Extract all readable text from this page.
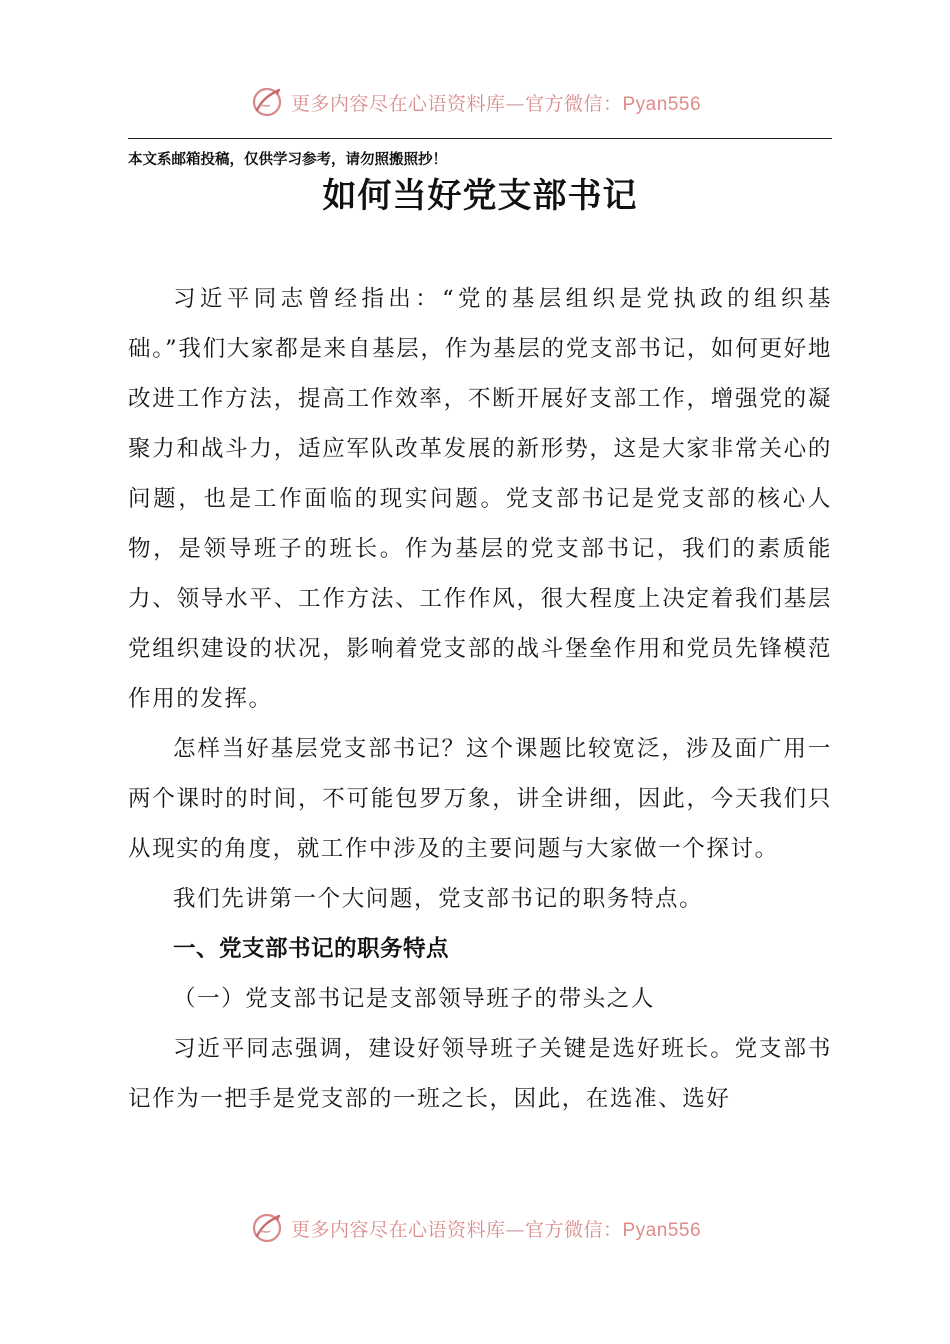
更多内容尽在心语资料库—官方微信：Pyan556
本文系邮箱投稿，仅供学习参考，请勿照搬照抄！
如何当好党支部书记

习近平同志曾经指出：“党的基层组织是党执政的组织基础。”我们大家都是来自基层，作为基层的党支部书记，如何更好地改进工作方法，提高工作效率，不断开展好支部工作，增强党的凝聚力和战斗力，适应军队改革发展的新形势，这是大家非常关心的问题，也是工作面临的现实问题。党支部书记是党支部的核心人物，是领导班子的班长。作为基层的党支部书记，我们的素质能力、领导水平、工作方法、工作作风，很大程度上决定着我们基层党组织建设的状况，影响着党支部的战斗堡垒作用和党员先锋模范作用的发挥。

怎样当好基层党支部书记？这个课题比较宽泛，涉及面广用一两个课时的时间，不可能包罗万象，讲全讲细，因此，今天我们只从现实的角度，就工作中涉及的主要问题与大家做一个探讨。

我们先讲第一个大问题，党支部书记的职务特点。

一、党支部书记的职务特点

（一）党支部书记是支部领导班子的带头之人

习近平同志强调，建设好领导班子关键是选好班长。党支部书记作为一把手是党支部的一班之长，因此，在选准、选好

更多内容尽在心语资料库—官方微信：Pyan556
